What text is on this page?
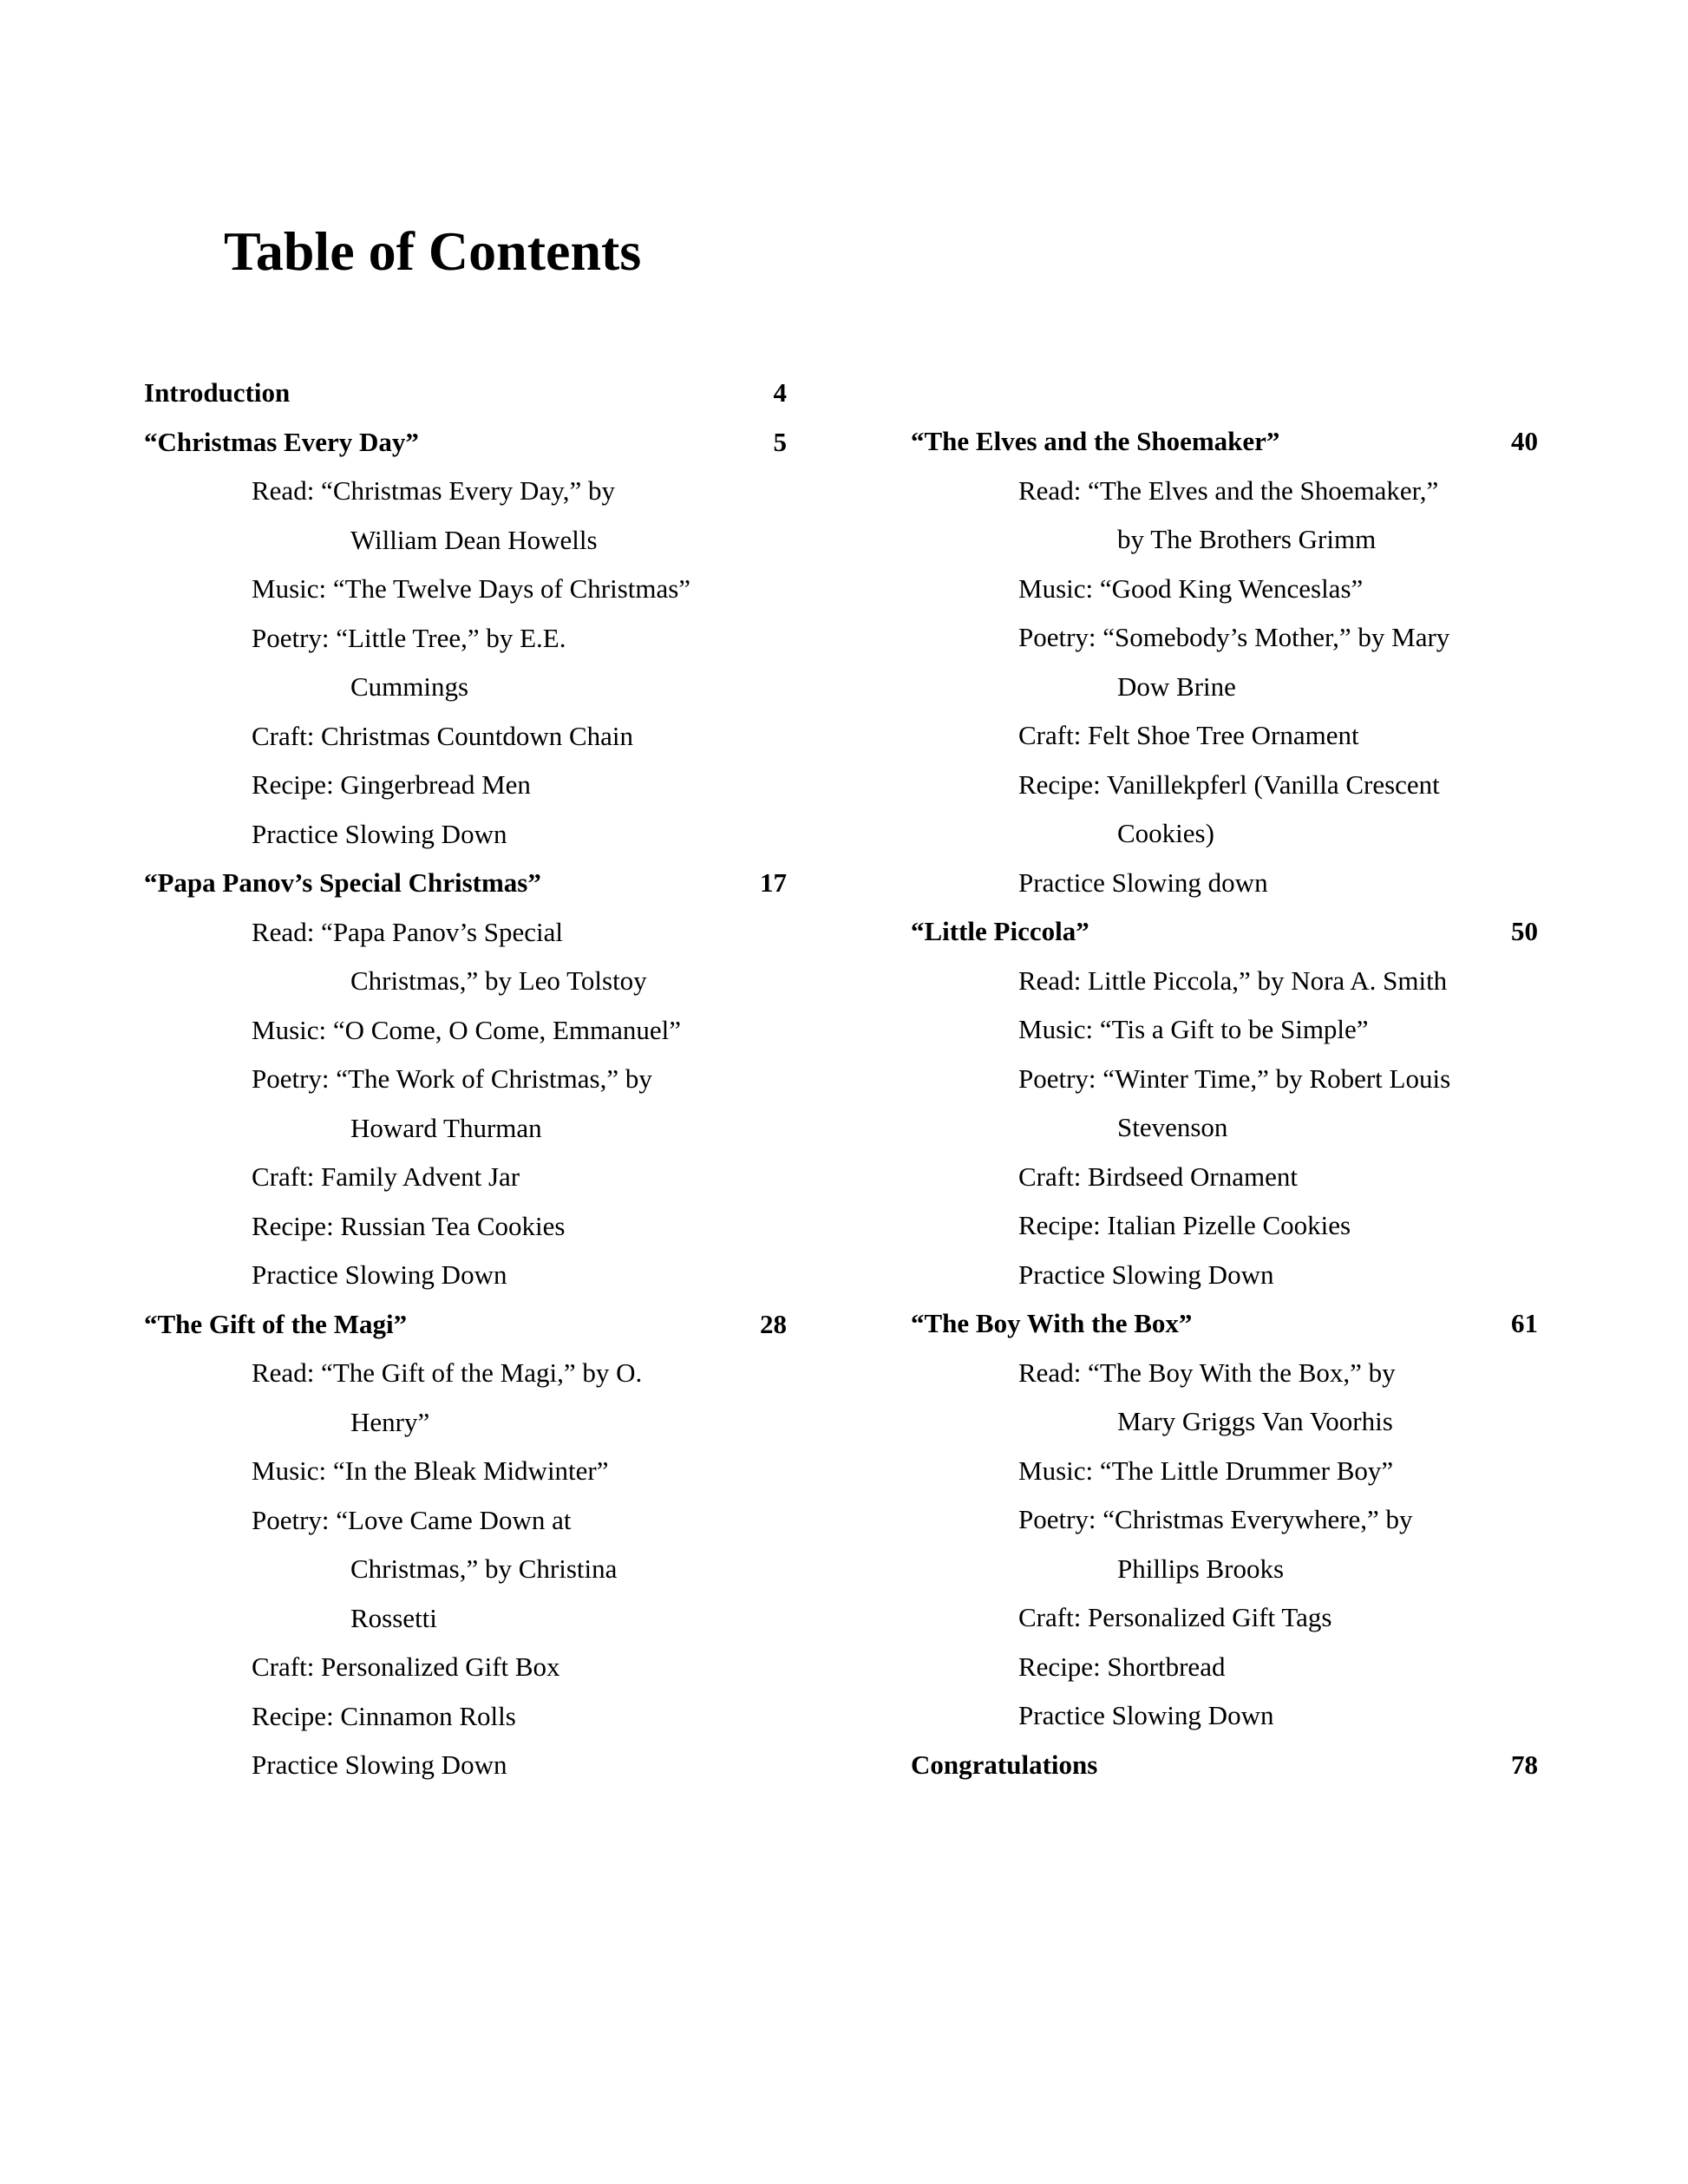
Table of Contents
Introduction	4
“Christmas Every Day”	5
Read: “Christmas Every Day,” by
William Dean Howells
Music: “The Twelve Days of Christmas”
Poetry: “Little Tree,” by E.E.
Cummings
Craft: Christmas Countdown Chain
Recipe: Gingerbread Men
Practice Slowing Down
“Papa Panov’s Special Christmas”	17
Read: “Papa Panov’s Special
Christmas,” by Leo Tolstoy
Music: “O Come, O Come, Emmanuel”
Poetry: “The Work of Christmas,” by
Howard Thurman
Craft: Family Advent Jar
Recipe: Russian Tea Cookies
Practice Slowing Down
“The Gift of the Magi”	28
Read: “The Gift of the Magi,” by O.
Henry”
Music: “In the Bleak Midwinter”
Poetry: “Love Came Down at
Christmas,” by Christina
Rossetti
Craft: Personalized Gift Box
Recipe: Cinnamon Rolls
Practice Slowing Down
“The Elves and the Shoemaker”	40
Read: “The Elves and the Shoemaker,”
by The Brothers Grimm
Music: “Good King Wenceslas”
Poetry: “Somebody’s Mother,” by Mary
Dow Brine
Craft: Felt Shoe Tree Ornament
Recipe: Vanillekpferl (Vanilla Crescent
Cookies)
Practice Slowing down
“Little Piccola”	50
Read: Little Piccola,” by Nora A. Smith
Music: “Tis a Gift to be Simple”
Poetry: “Winter Time,” by Robert Louis
Stevenson
Craft: Birdseed Ornament
Recipe: Italian Pizelle Cookies
Practice Slowing Down
“The Boy With the Box”	61
Read: “The Boy With the Box,” by
Mary Griggs Van Voorhis
Music: “The Little Drummer Boy”
Poetry: “Christmas Everywhere,” by
Phillips Brooks
Craft: Personalized Gift Tags
Recipe: Shortbread
Practice Slowing Down
Congratulations	78
